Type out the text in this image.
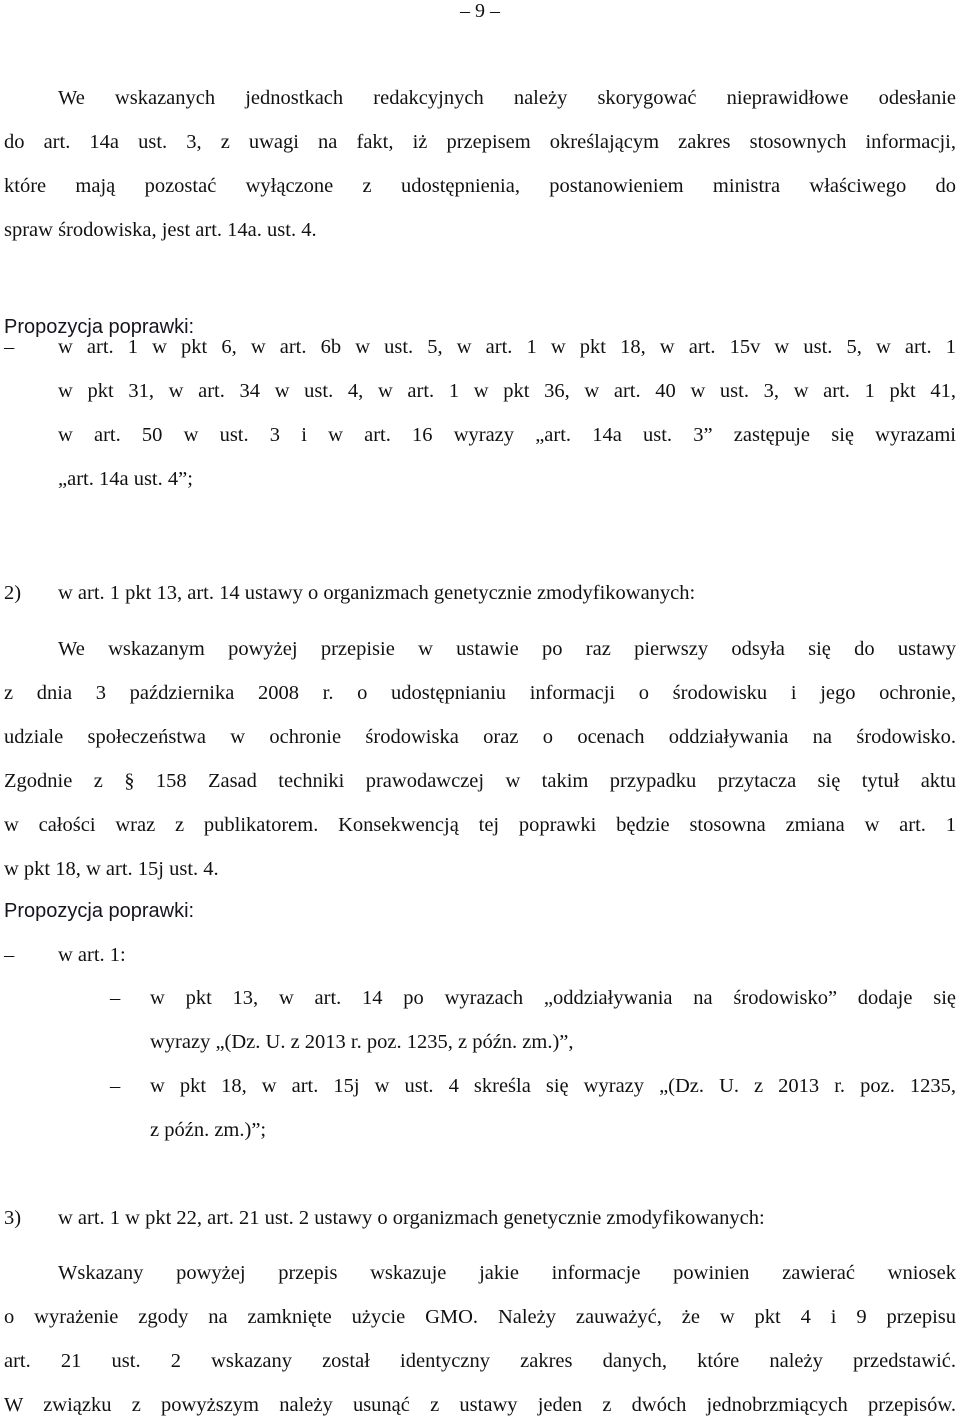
– 9 –
We wskazanych jednostkach redakcyjnych należy skorygować nieprawidłowe odesłanie
do art. 14a ust. 3, z uwagi na fakt, iż przepisem określającym zakres stosownych informacji,
które mają pozostać wyłączone z udostępnienia, postanowieniem ministra właściwego do
spraw środowiska, jest art. 14a. ust. 4.
Propozycja poprawki:
–	w art. 1 w pkt 6, w art. 6b w ust. 5, w art. 1 w pkt 18, w art. 15v w ust. 5, w art. 1
w pkt 31, w art. 34 w ust. 4, w art. 1 w pkt 36, w art. 40 w ust. 3, w art. 1 pkt 41,
w art. 50 w ust. 3 i w art. 16 wyrazy „art. 14a ust. 3” zastępuje się wyrazami
„art. 14a ust. 4”;
2) w art. 1 pkt 13, art. 14 ustawy o organizmach genetycznie zmodyfikowanych:
We wskazanym powyżej przepisie w ustawie po raz pierwszy odsyła się do ustawy
z dnia 3 października 2008 r. o udostępnianiu informacji o środowisku i jego ochronie,
udziale społeczeństwa w ochronie środowiska oraz o ocenach oddziaływania na środowisko.
Zgodnie z § 158 Zasad techniki prawodawczej w takim przypadku przytacza się tytuł aktu
w całości wraz z publikatorem. Konsekwencją tej poprawki będzie stosowna zmiana w art. 1
w pkt 18, w art. 15j ust. 4.
Propozycja poprawki:
–	w art. 1:
–	w pkt 13, w art. 14 po wyrazach „oddziaływania na środowisko” dodaje się
wyrazy „(Dz. U. z 2013 r. poz. 1235, z późn. zm.)”,
–	w pkt 18, w art. 15j w ust. 4 skreśla się wyrazy „(Dz. U. z 2013 r. poz. 1235,
z późn. zm.)”;
3) w art. 1 w pkt 22, art. 21 ust. 2 ustawy o organizmach genetycznie zmodyfikowanych:
Wskazany powyżej przepis wskazuje jakie informacje powinien zawierać wniosek
o wyrażenie zgody na zamknięte użycie GMO. Należy zauważyć, że w pkt 4 i 9 przepisu
art. 21 ust. 2 wskazany został identyczny zakres danych, które należy przedstawić.
W związku z powyższym należy usunąć z ustawy jeden z dwóch jednobrzmiących przepisów.
